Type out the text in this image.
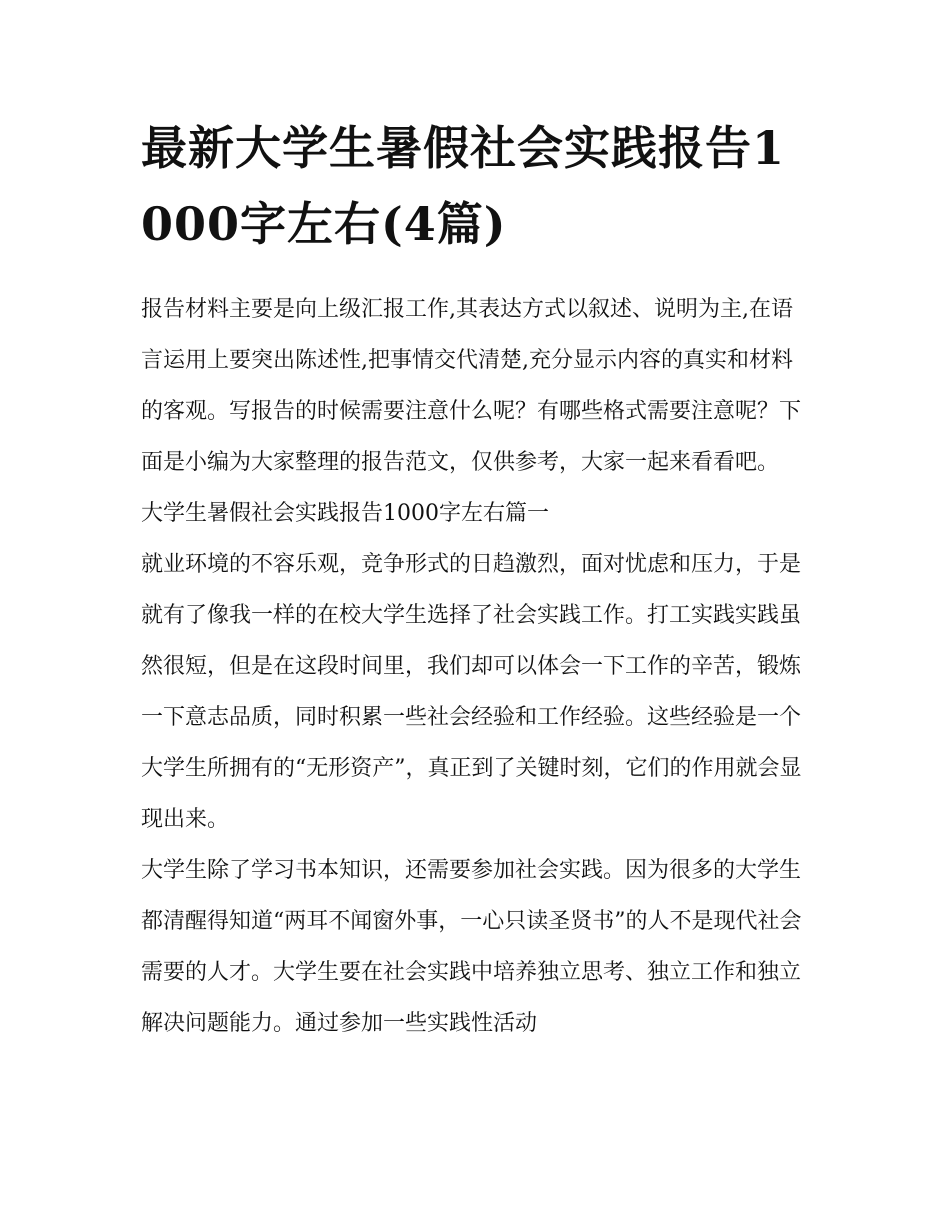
最新大学生暑假社会实践报告1000字左右(4篇)

报告材料主要是向上级汇报工作,其表达方式以叙述、说明为主,在语言运用上要突出陈述性,把事情交代清楚,充分显示内容的真实和材料的客观。写报告的时候需要注意什么呢？有哪些格式需要注意呢？下面是小编为大家整理的报告范文，仅供参考，大家一起来看看吧。

大学生暑假社会实践报告1000字左右篇一

就业环境的不容乐观，竞争形式的日趋激烈，面对忧虑和压力，于是就有了像我一样的在校大学生选择了社会实践工作。打工实践实践虽然很短，但是在这段时间里，我们却可以体会一下工作的辛苦，锻炼一下意志品质，同时积累一些社会经验和工作经验。这些经验是一个大学生所拥有的“无形资产”，真正到了关键时刻，它们的作用就会显现出来。

大学生除了学习书本知识，还需要参加社会实践。因为很多的大学生都清醒得知道“两耳不闻窗外事，一心只读圣贤书”的人不是现代社会需要的人才。大学生要在社会实践中培养独立思考、独立工作和独立解决问题能力。通过参加一些实践性活动
